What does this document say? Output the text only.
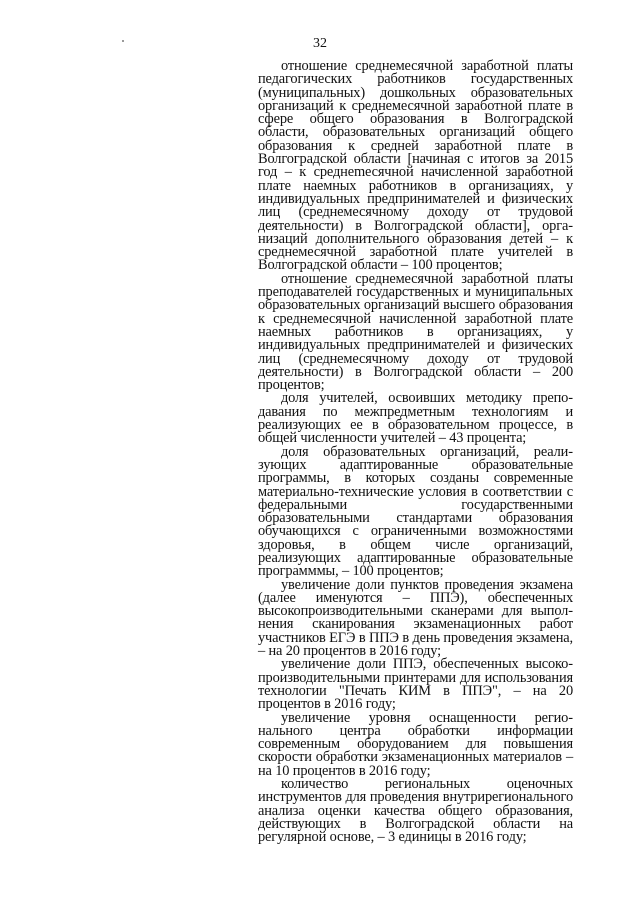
32

отношение среднемесячной заработной платы педагогических работников государственных (муниципальных) дошкольных образовательных организаций к среднемесячной заработной плате в сфере общего образования в Волгоградской области, образовательных организаций общего образования к средней заработной плате в Волгоградской области [начиная с итогов за 2015 год – к среднеmесячной начисленной заработной плате наемных работников в организациях, у индивидуальных предпринимателей и физических лиц (среднемесячному доходу от трудовой деятельности) в Волгоградской области], организаций дополнительного образования детей – к среднемесячной заработной плате учителей в Волгоградской области – 100 процентов;

отношение среднемесячной заработной платы преподавателей государственных и муниципальных образовательных организаций высшего образования к среднемесячной начисленной заработной плате наемных работников в организациях, у индивидуальных предпринимателей и физических лиц (среднемесячному доходу от трудовой деятельности) в Волгоградской области – 200 процентов;

доля учителей, освоивших методику преподавания по межпредметным технологиям и реализующих ее в образовательном процессе, в общей численности учителей – 43 процента;

доля образовательных организаций, реализующих адаптированные образовательные программы, в которых созданы современные материально-технические условия в соответствии с федеральными государственными образовательными стандартами образования обучающихся с ограниченными возможностями здоровья, в общем числе организаций, реализующих адаптированные образовательные программмы, – 100 процентов;

увеличение доли пунктов проведения экзамена (далее именуются – ППЭ), обеспеченных высокопроизводительными сканерами для выполнения сканирования экзаменационных работ участников ЕГЭ в ППЭ в день проведения экзамена, – на 20 процентов в 2016 году;

увеличение доли ППЭ, обеспеченных высокопроизводительными принтерами для использования технологии "Печать КИМ в ППЭ", – на 20 процентов в 2016 году;

увеличение уровня оснащенности регионального центра обработки информации современным оборудованием для повышения скорости обработки экзаменационных материалов – на 10 процентов в 2016 году;

количество региональных оценочных инструментов для проведения внутрирегионального анализа оценки качества общего образования, действующих в Волгоградской области на регулярной основе, – 3 единицы в 2016 году;
